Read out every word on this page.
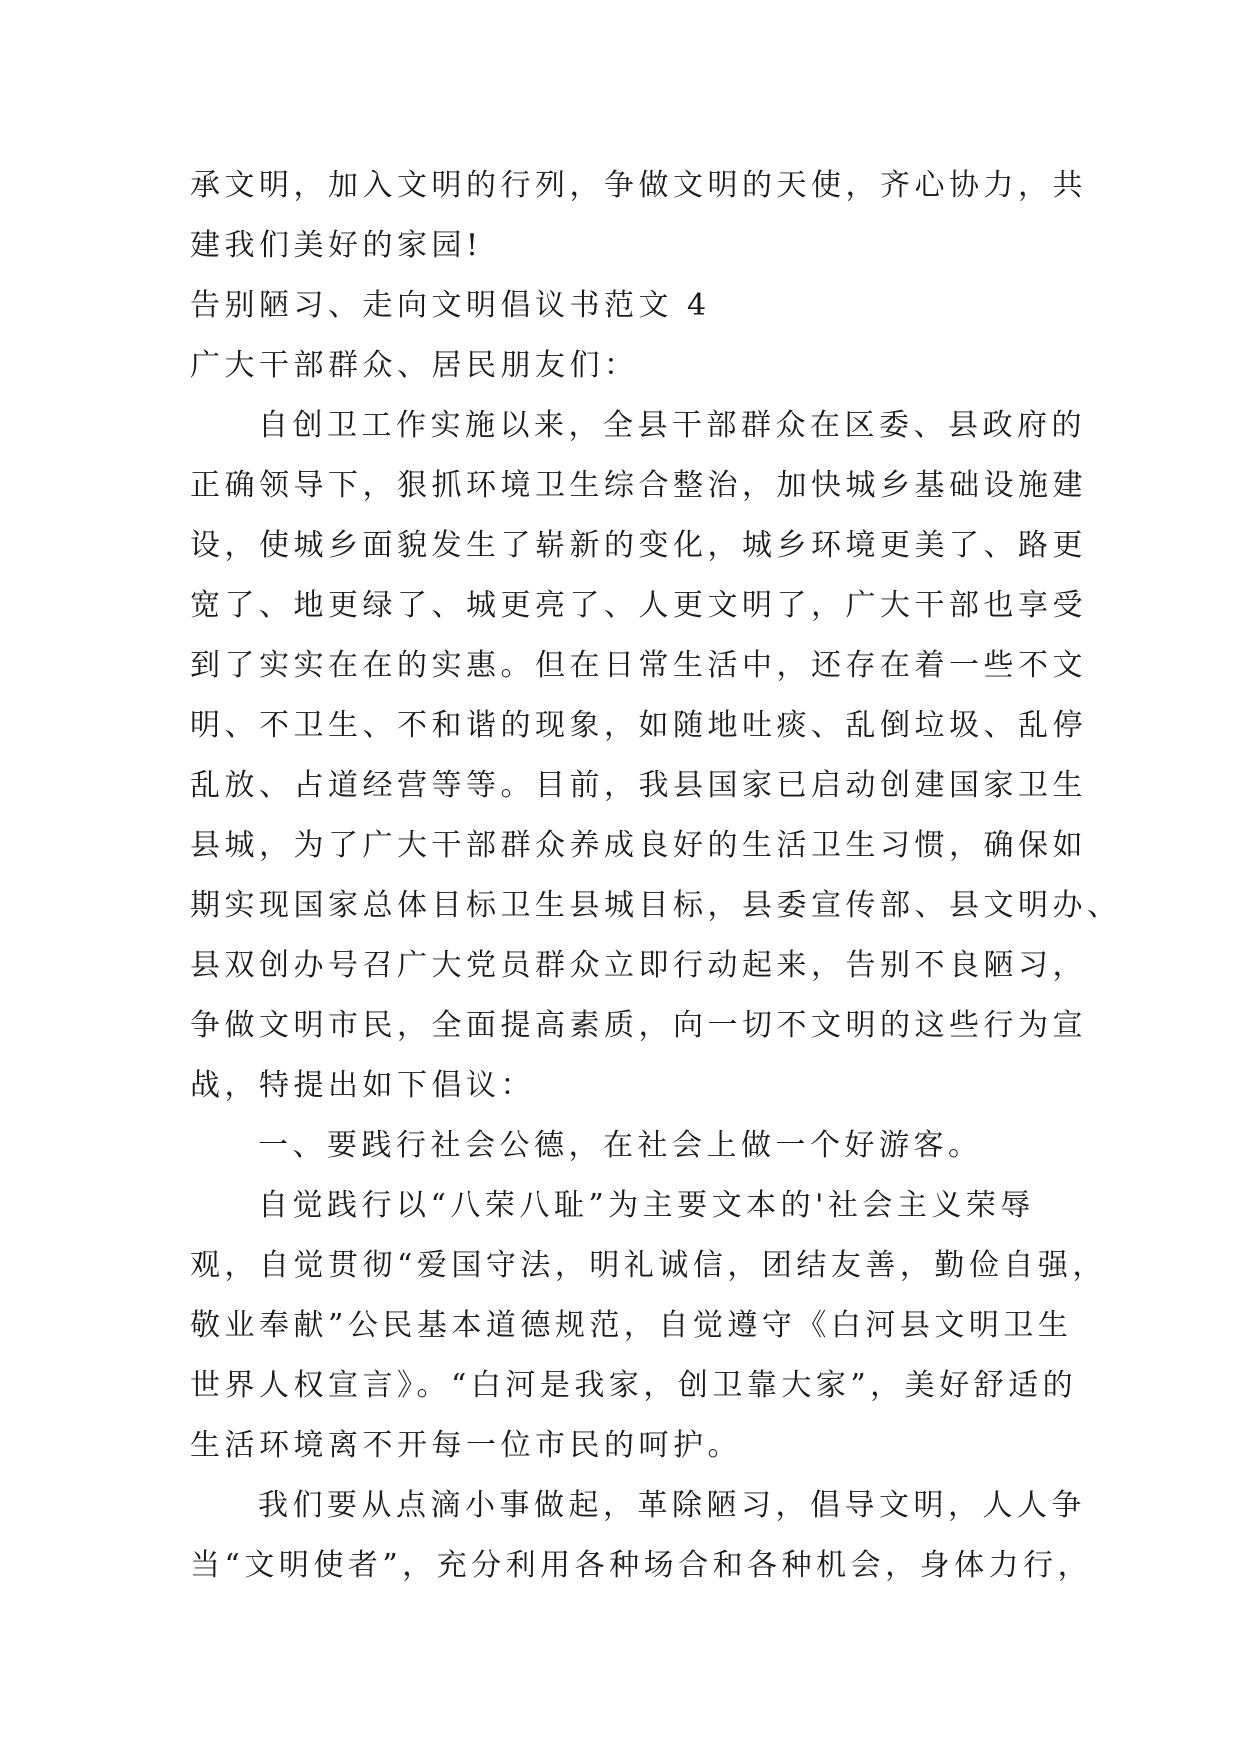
承文明，加入文明的行列，争做文明的天使，齐心协力，共
建我们美好的家园!
告别陋习、走向文明倡议书范文 4
广大干部群众、居民朋友们：
自创卫工作实施以来，全县干部群众在区委、县政府的
正确领导下，狠抓环境卫生综合整治，加快城乡基础设施建
设，使城乡面貌发生了崭新的变化，城乡环境更美了、路更
宽了、地更绿了、城更亮了、人更文明了，广大干部也享受
到了实实在在的实惠。但在日常生活中，还存在着一些不文
明、不卫生、不和谐的现象，如随地吐痰、乱倒垃圾、乱停
乱放、占道经营等等。目前，我县国家已启动创建国家卫生
县城，为了广大干部群众养成良好的生活卫生习惯，确保如
期实现国家总体目标卫生县城目标，县委宣传部、县文明办、
县双创办号召广大党员群众立即行动起来，告别不良陋习，
争做文明市民，全面提高素质，向一切不文明的这些行为宣
战，特提出如下倡议：
一、要践行社会公德，在社会上做一个好游客。
自觉践行以“八荣八耻”为主要文本的'社会主义荣辱
观，自觉贯彻“爱国守法，明礼诚信，团结友善，勤俭自强，
敬业奉献”公民基本道德规范，自觉遵守《白河县文明卫生
世界人权宣言》。“白河是我家，创卫靠大家”，美好舒适的
生活环境离不开每一位市民的呵护。
我们要从点滴小事做起，革除陋习，倡导文明，人人争
当“文明使者”，充分利用各种场合和各种机会，身体力行，
